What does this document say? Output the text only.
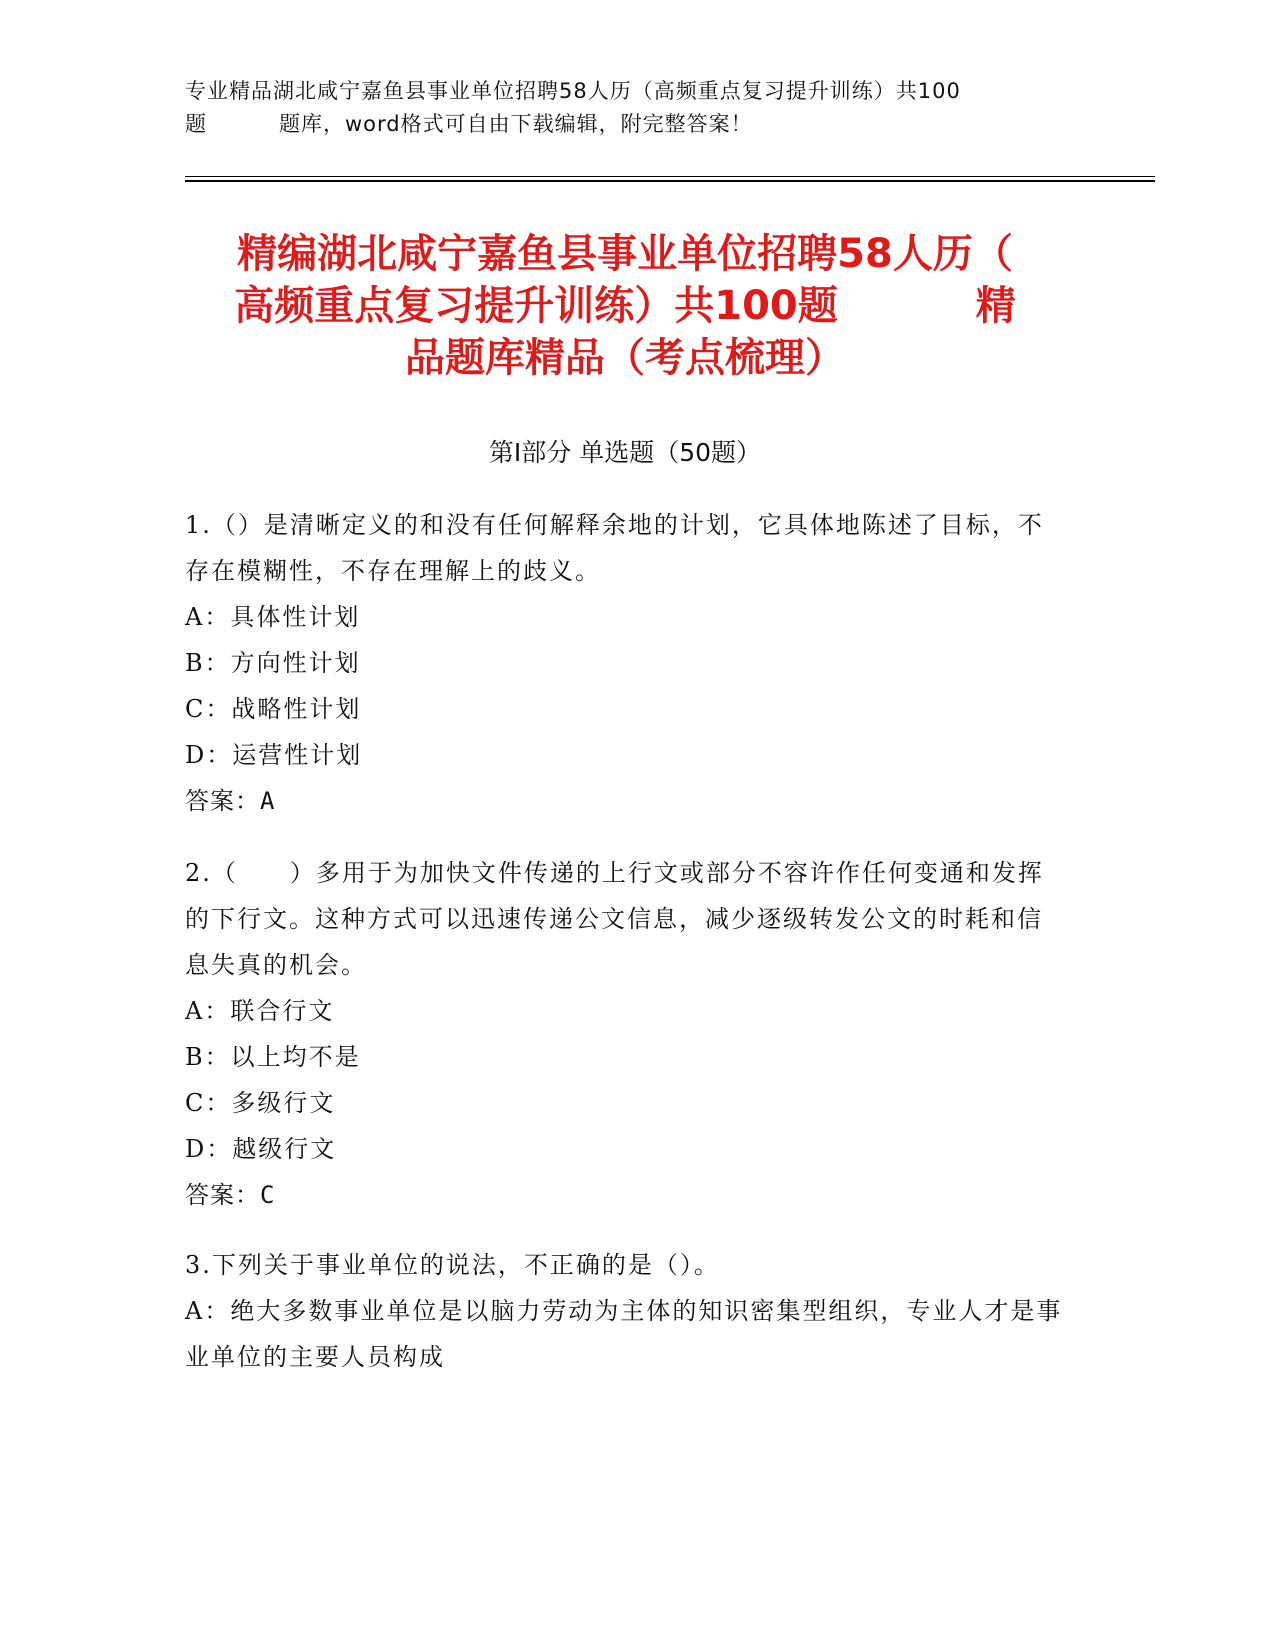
专业精品湖北咸宁嘉鱼县事业单位招聘58人历（高频重点复习提升训练）共100
题	题库，word格式可自由下载编辑，附完整答案！
精编湖北咸宁嘉鱼县事业单位招聘58人历（
高频重点复习提升训练）共100题	精
品题库精品（考点梳理）
第Ⅰ部分 单选题（50题）
1.（）是清晰定义的和没有任何解释余地的计划，它具体地陈述了目标，不存在模糊性，不存在理解上的歧义。
A：具体性计划
B：方向性计划
C：战略性计划
D：运营性计划
答案：A
2.（　　）多用于为加快文件传递的上行文或部分不容许作任何变通和发挥的下行文。这种方式可以迅速传递公文信息，减少逐级转发公文的时耗和信息失真的机会。
A：联合行文
B：以上均不是
C：多级行文
D：越级行文
答案：C
3.下列关于事业单位的说法，不正确的是（）。
A：绝大多数事业单位是以脑力劳动为主体的知识密集型组织，专业人才是事业单位的主要人员构成
